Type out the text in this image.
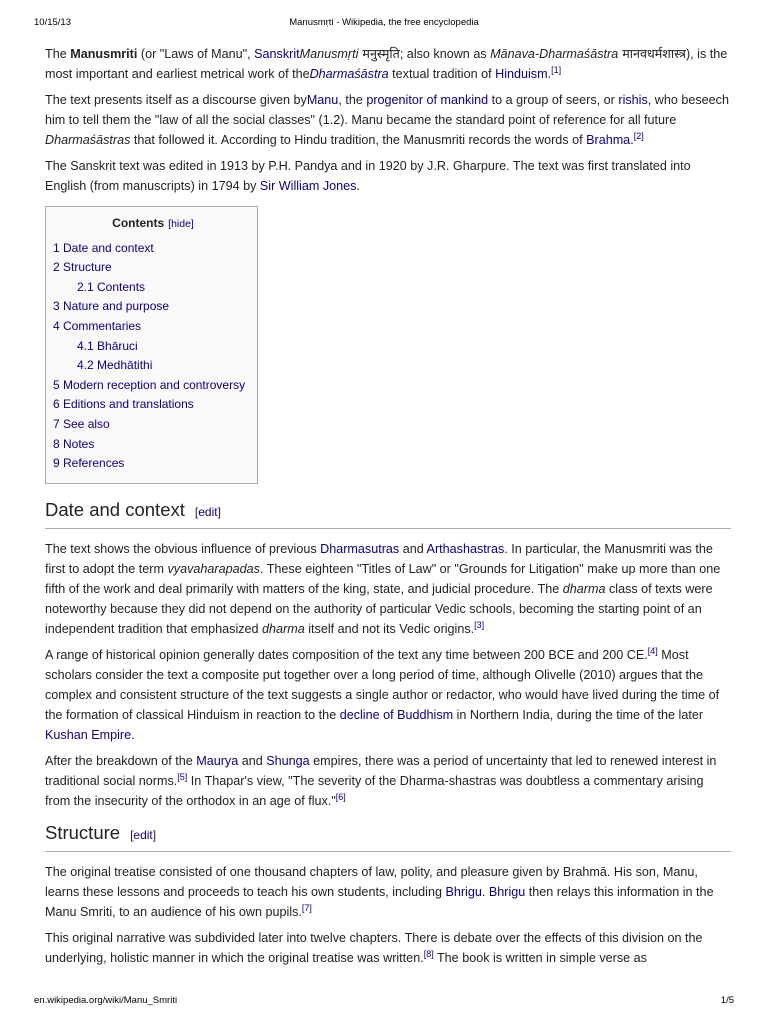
10/15/13	Manusmṛti - Wikipedia, the free encyclopedia

The Manusmriti (or "Laws of Manu", SanskritManusmṛti मनुस्मृति; also known as Mānava-Dharmaśāstra मानवधर्मशास्त्र), is the most important and earliest metrical work of theDharmaśāstra textual tradition of Hinduism.[1]

The text presents itself as a discourse given byManu, the progenitor of mankind to a group of seers, or rishis, who beseech him to tell them the "law of all the social classes" (1.2). Manu became the standard point of reference for all future Dharmaśāstras that followed it. According to Hindu tradition, the Manusmriti records the words of Brahma.[2]

The Sanskrit text was edited in 1913 by P.H. Pandya and in 1920 by J.R. Gharpure. The text was first translated into English (from manuscripts) in 1794 by Sir William Jones.

Contents [hide]
1 Date and context
2 Structure
2.1 Contents
3 Nature and purpose
4 Commentaries
4.1 Bhāruci
4.2 Medhātithi
5 Modern reception and controversy
6 Editions and translations
7 See also
8 Notes
9 References
Date and context [edit]

The text shows the obvious influence of previous Dharmasutras and Arthashastras. In particular, the Manusmriti was the first to adopt the term vyavaharapadas. These eighteen "Titles of Law" or "Grounds for Litigation" make up more than one fifth of the work and deal primarily with matters of the king, state, and judicial procedure. The dharma class of texts were noteworthy because they did not depend on the authority of particular Vedic schools, becoming the starting point of an independent tradition that emphasized dharma itself and not its Vedic origins.[3]

A range of historical opinion generally dates composition of the text any time between 200 BCE and 200 CE.[4] Most scholars consider the text a composite put together over a long period of time, although Olivelle (2010) argues that the complex and consistent structure of the text suggests a single author or redactor, who would have lived during the time of the formation of classical Hinduism in reaction to the decline of Buddhism in Northern India, during the time of the later Kushan Empire.

After the breakdown of the Maurya and Shunga empires, there was a period of uncertainty that led to renewed interest in traditional social norms.[5] In Thapar's view, "The severity of the Dharma-shastras was doubtless a commentary arising from the insecurity of the orthodox in an age of flux."[6]

Structure [edit]

The original treatise consisted of one thousand chapters of law, polity, and pleasure given by Brahmā. His son, Manu, learns these lessons and proceeds to teach his own students, including Bhrigu. Bhrigu then relays this information in the Manu Smriti, to an audience of his own pupils.[7]

This original narrative was subdivided later into twelve chapters. There is debate over the effects of this division on the underlying, holistic manner in which the original treatise was written.[8] The book is written in simple verse as

en.wikipedia.org/wiki/Manu_Smriti	1/5
